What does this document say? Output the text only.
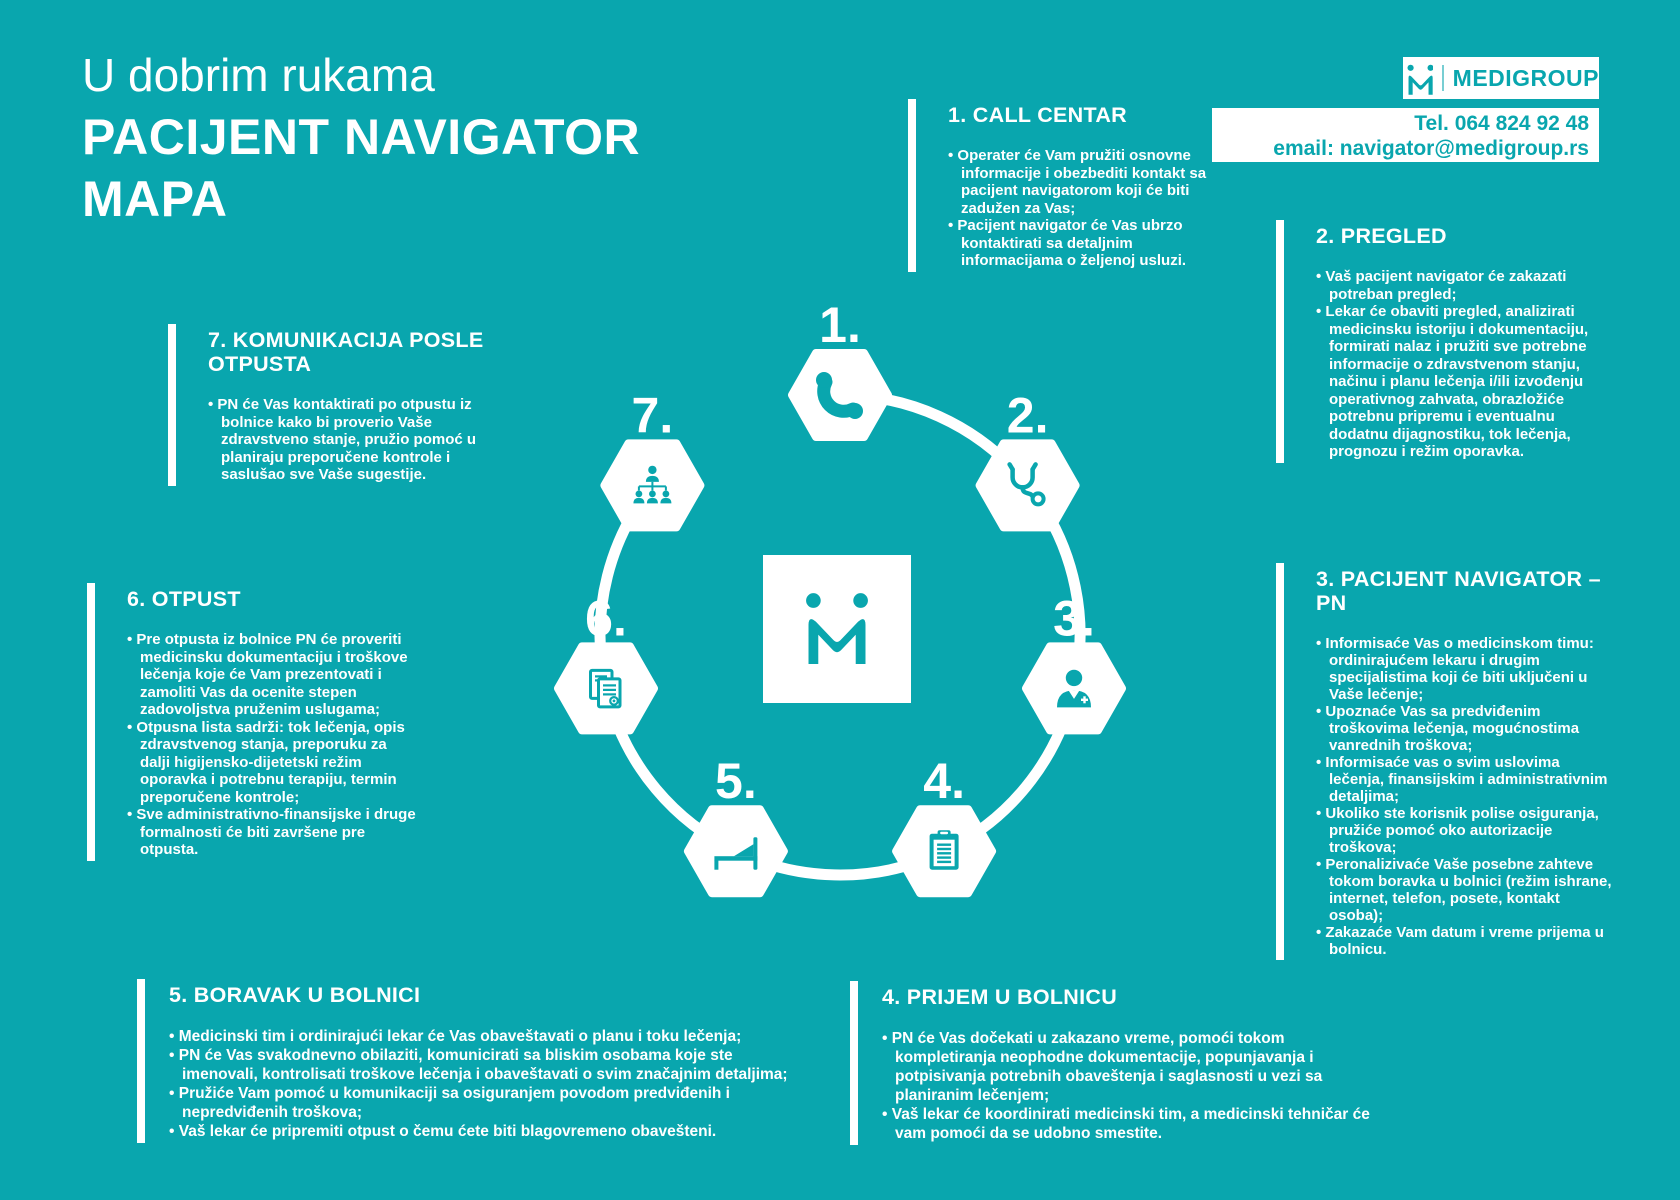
U dobrim rukama
PACIJENT NAVIGATOR
MAPA
MEDIGROUP
Tel. 064 824 92 48
email: navigator@medigroup.rs
1. CALL CENTAR
• Operater će Vam pružiti osnovne informacije i obezbediti kontakt sa pacijent navigatorom koji će biti zadužen za Vas;
• Pacijent navigator će Vas ubrzo kontaktirati sa detaljnim informacijama o željenoj usluzi.
2. PREGLED
• Vaš pacijent navigator će zakazati potreban pregled;
• Lekar će obaviti pregled, analizirati medicinsku istoriju i dokumentaciju, formirati nalaz i pružiti sve potrebne informacije o zdravstvenom stanju, načinu i planu lečenja i/ili izvođenju operativnog zahvata, obrazložiće potrebnu pripremu i eventualnu dodatnu dijagnostiku, tok lečenja, prognozu i režim oporavka.
3. PACIJENT NAVIGATOR – PN
• Informisaće Vas o medicinskom timu: ordinirajućem lekaru i drugim specijalistima koji će biti uključeni u Vaše lečenje;
• Upoznaće Vas sa predviđenim troškovima lečenja, mogućnostima vanrednih troškova;
• Informisaće vas o svim uslovima lečenja, finansijskim i administrativnim detaljima;
• Ukoliko ste korisnik polise osiguranja, pružiće pomoć oko autorizacije troškova;
• Peronalizivaće Vaše posebne zahteve tokom boravka u bolnici (režim ishrane, internet, telefon, posete, kontakt osoba);
• Zakazaće Vam datum i vreme prijema u bolnicu.
4. PRIJEM U BOLNICU
• PN će Vas dočekati u zakazano vreme, pomoći tokom kompletiranja neophodne dokumentacije, popunjavanja i potpisivanja potrebnih obaveštenja i saglasnosti u vezi sa planiranim lečenjem;
• Vaš lekar će koordinirati medicinski tim, a medicinski tehničar će vam pomoći da se udobno smestite.
5. BORAVAK U BOLNICI
• Medicinski tim i ordinirajući lekar će Vas obaveštavati o planu i toku lečenja;
• PN će Vas svakodnevno obilaziti, komunicirati sa bliskim osobama koje ste imenovali, kontrolisati troškove lečenja i obaveštavati o svim značajnim detaljima;
• Pružiće Vam pomoć u komunikaciji sa osiguranjem povodom predviđenih i nepredviđenih troškova;
• Vaš lekar će pripremiti otpust o čemu ćete biti blagovremeno obavešteni.
6. OTPUST
• Pre otpusta iz bolnice PN će proveriti medicinsku dokumentaciju i troškove lečenja koje će Vam prezentovati i zamoliti Vas da ocenite stepen zadovoljstva pruženim uslugama;
• Otpusna lista sadrži: tok lečenja, opis zdravstvenog stanja, preporuku za dalji higijensko-dijetetski režim oporavka i potrebnu terapiju, termin preporučene kontrole;
• Sve administrativno-finansijske i druge formalnosti će biti završene pre otpusta.
7. KOMUNIKACIJA POSLE OTPUSTA
• PN će Vas kontaktirati po otpustu iz bolnice kako bi proverio Vaše zdravstveno stanje, pružio pomoć u planiraju preporučene kontrole i saslušao sve Vaše sugestije.
1.
2.
3.
4.
5.
6.
7.
